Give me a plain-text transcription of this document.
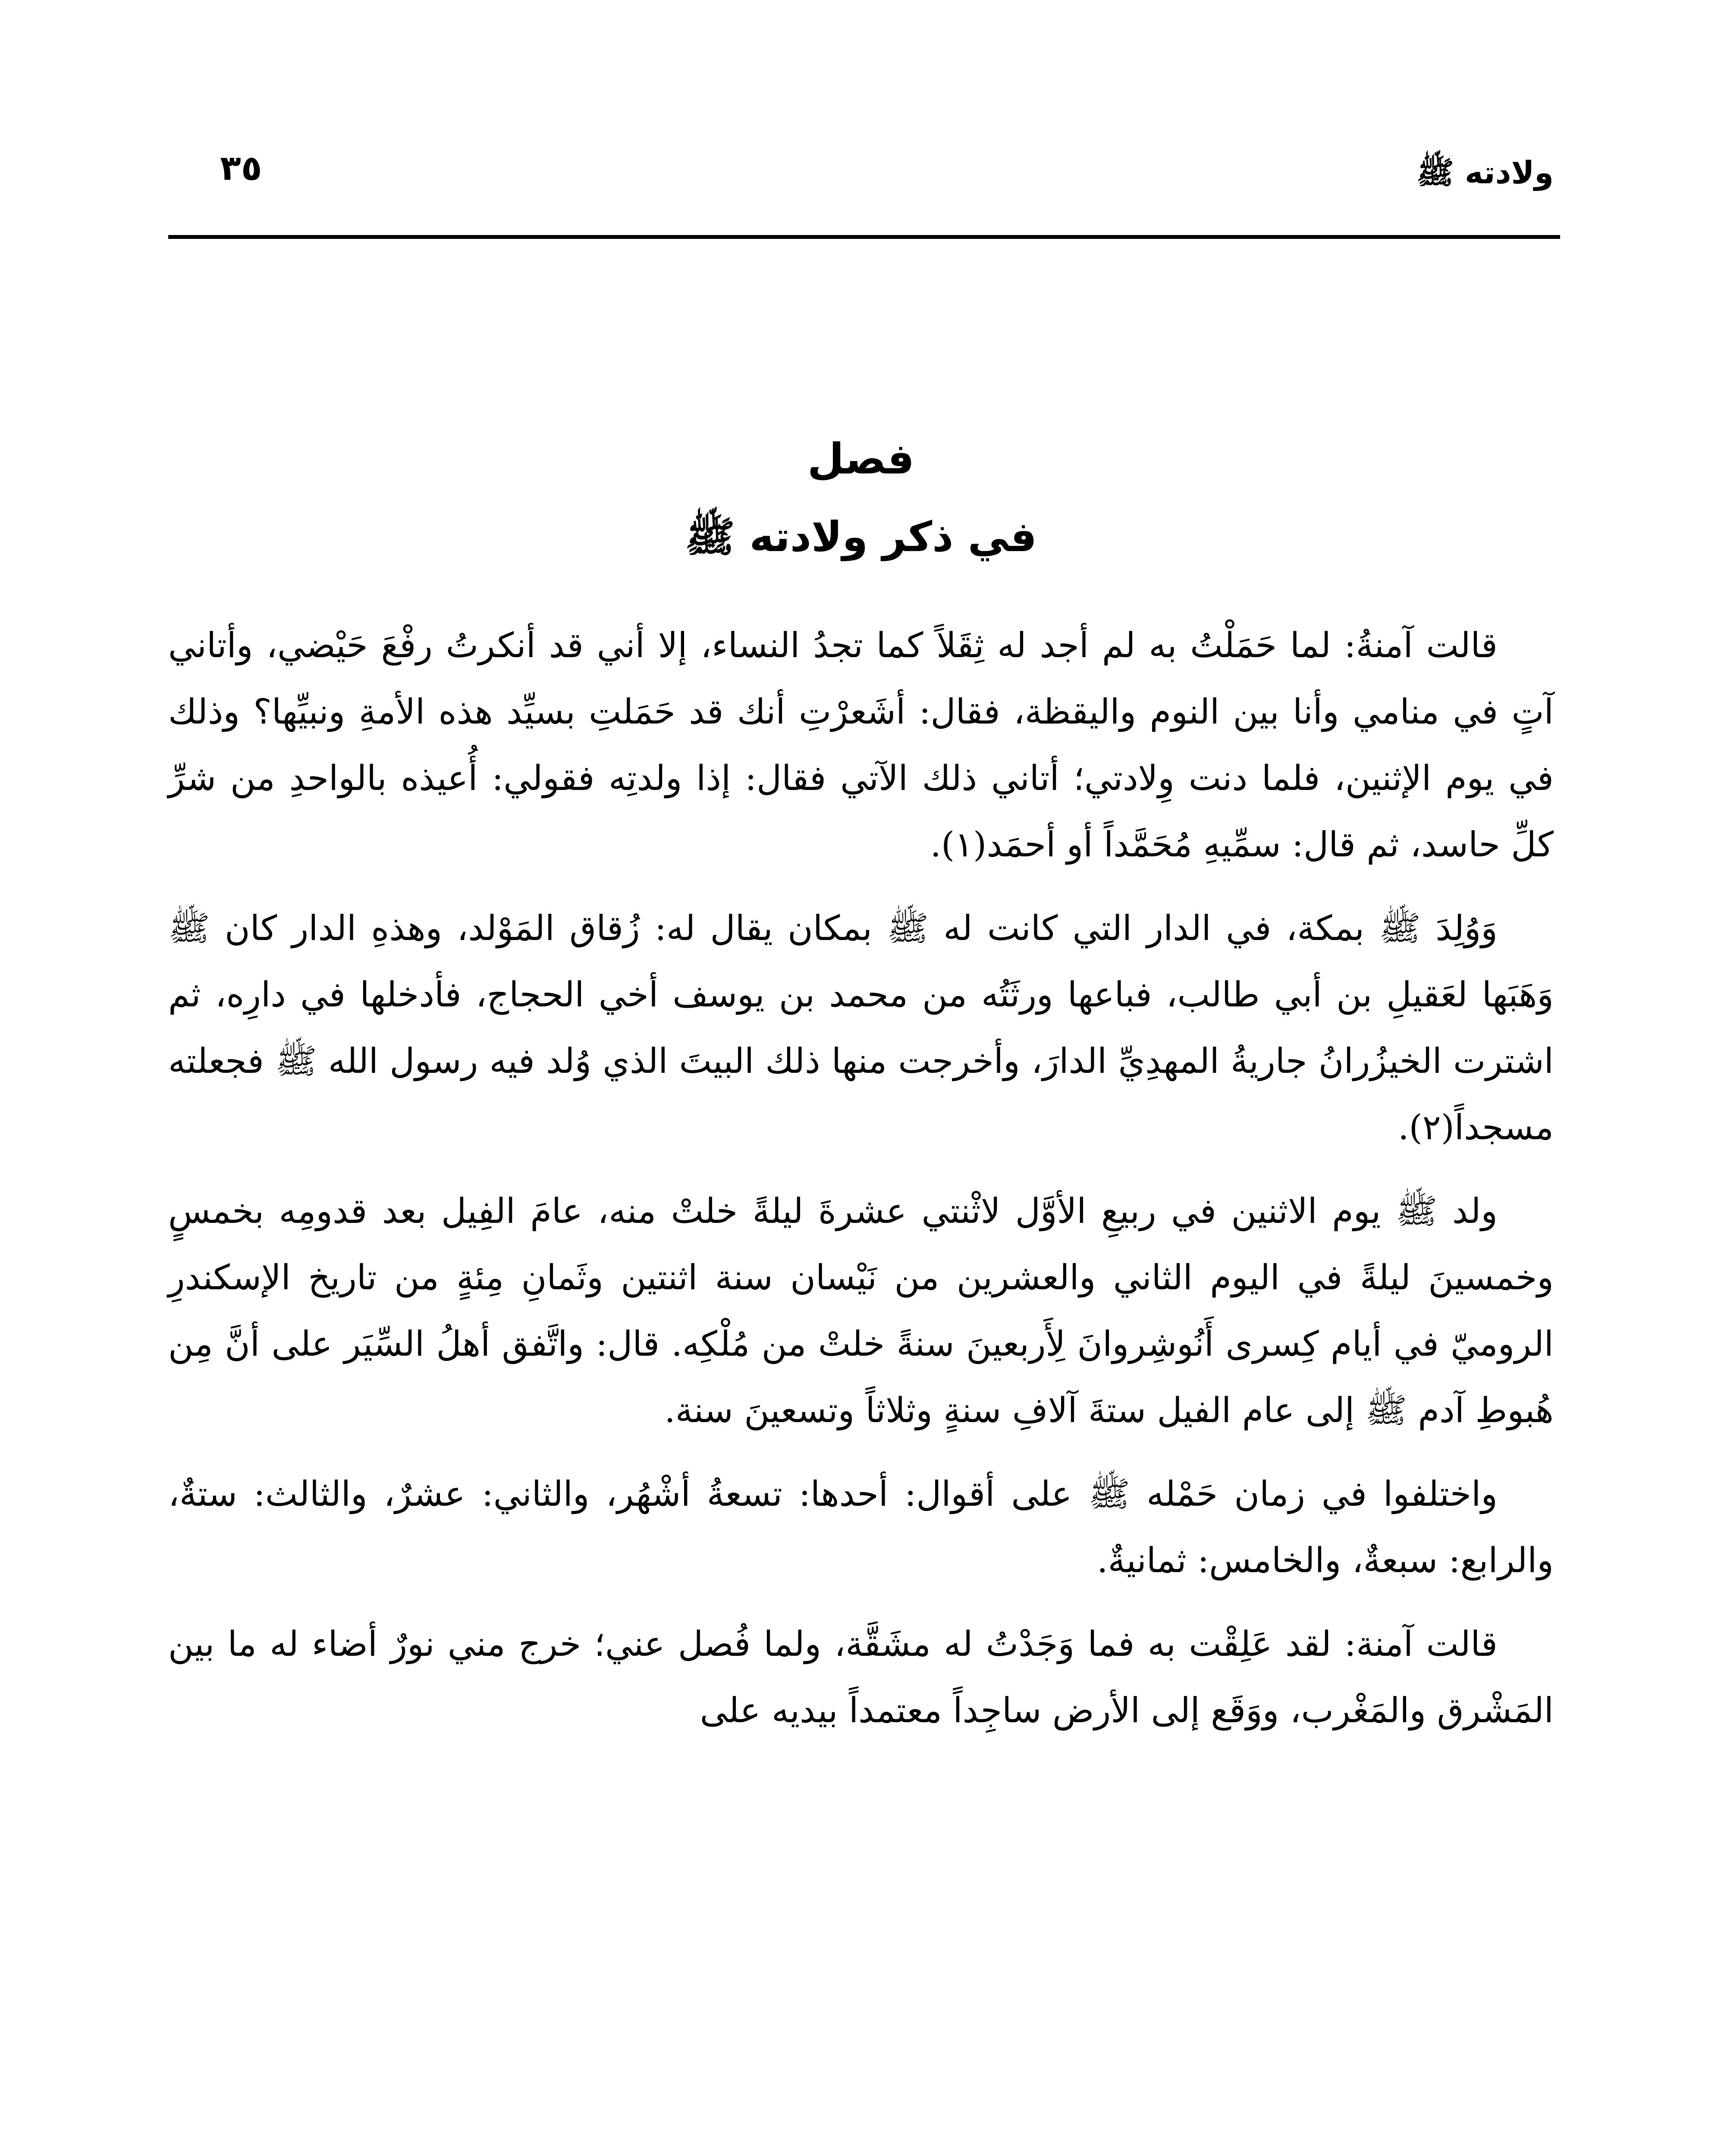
ولادته ﷺ
٣٥
فصل
في ذكر ولادته ﷺ

قالت آمنةُ: لما حَمَلْتُ به لم أجد له ثِقَلاً كما تجدُ النساء، إلا أني قد أنكرتُ رفْعَ حَيْضي، وأتاني آتٍ في منامي وأنا بين النوم واليقظة، فقال: أشَعرْتِ أنك قد حَمَلتِ بسيِّد هذه الأمةِ ونبيِّها؟ وذلك في يوم الإثنين، فلما دنت وِلادتي؛ أتاني ذلك الآتي فقال: إذا ولدتِه فقولي: أُعيذه بالواحدِ من شرِّ كلِّ حاسد، ثم قال: سمِّيهِ مُحَمَّداً أو أحمَد(١).

وَوُلِدَ ﷺ بمكة، في الدار التي كانت له ﷺ بمكان يقال له: زُقاق المَوْلد، وهذهِ الدار كان ﷺ وَهَبَها لعَقيلِ بن أبي طالب، فباعها ورثَتُه من محمد بن يوسف أخي الحجاج، فأدخلها في دارِه، ثم اشترت الخيزُرانُ جاريةُ المهدِيِّ الدارَ، وأخرجت منها ذلك البيتَ الذي وُلد فيه رسول الله ﷺ فجعلته مسجداً(٢).

ولد ﷺ يوم الاثنين في ربيعِ الأوَّل لاثْنتي عشرةَ ليلةً خلتْ منه، عامَ الفِيل بعد قدومِه بخمسٍ وخمسينَ ليلةً في اليوم الثاني والعشرين من نَيْسان سنة اثنتين وثَمانِ مِئةٍ من تاريخ الإسكندرِ الروميّ في أيام كِسرى أَنُوشِروانَ لِأَربعينَ سنةً خلتْ من مُلْكِه. قال: واتَّفق أهلُ السِّيَر على أنَّ مِن هُبوطِ آدم ﷺ إلى عام الفيل ستةَ آلافِ سنةٍ وثلاثاً وتسعينَ سنة.

واختلفوا في زمان حَمْله ﷺ على أقوال: أحدها: تسعةُ أشْهُر، والثاني: عشرٌ، والثالث: ستةٌ، والرابع: سبعةٌ، والخامس: ثمانيةٌ.

قالت آمنة: لقد عَلِقْت به فما وَجَدْتُ له مشَقَّة، ولما فُصل عني؛ خرج مني نورٌ أضاء له ما بين المَشْرق والمَغْرب، ووَقَع إلى الأرض ساجِداً معتمداً بيديه على
